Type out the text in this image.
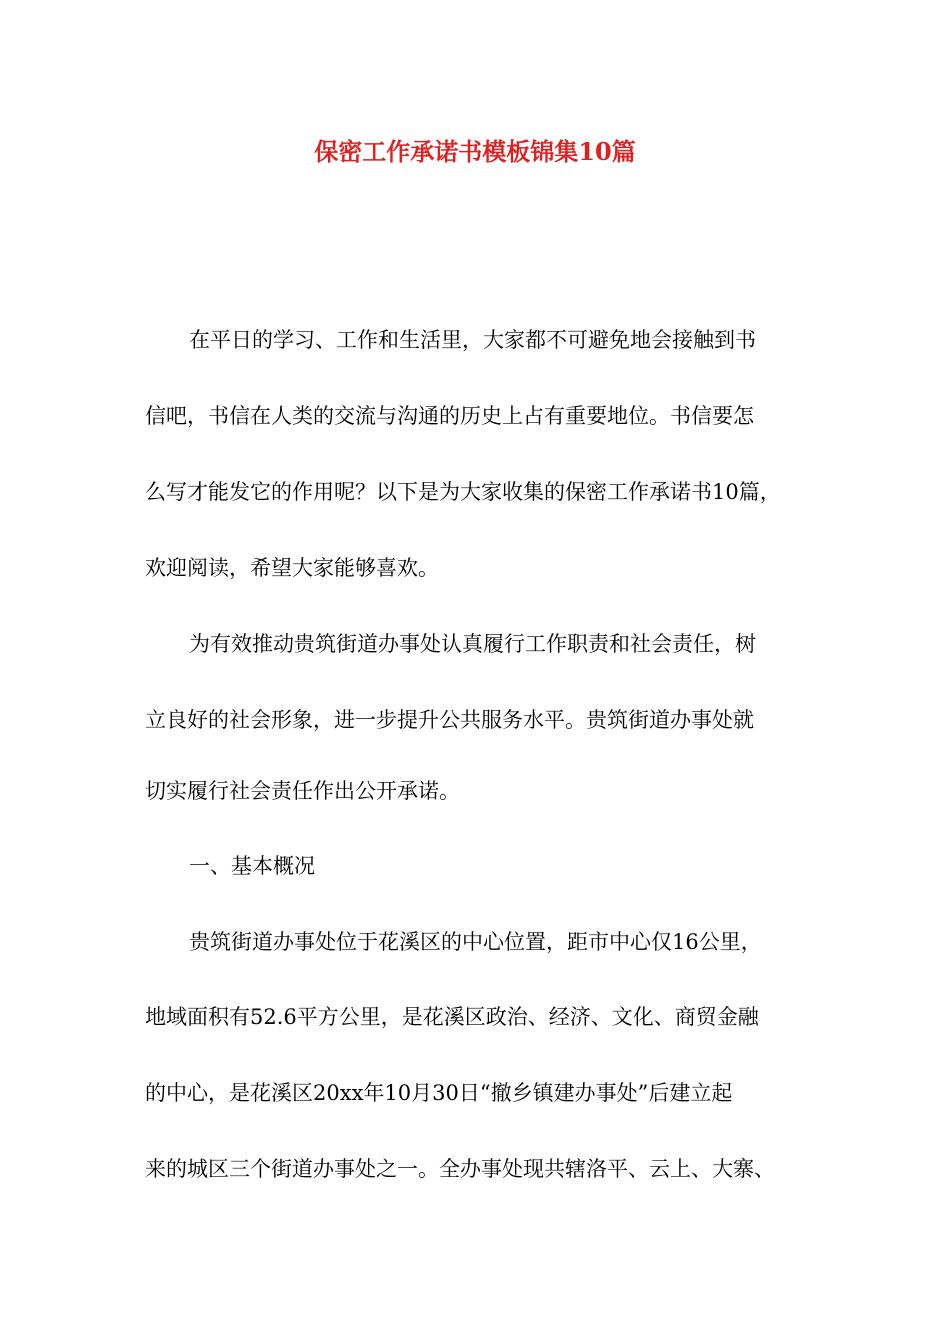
保密工作承诺书模板锦集10篇

在平日的学习、工作和生活里，大家都不可避免地会接触到书

信吧，书信在人类的交流与沟通的历史上占有重要地位。书信要怎

么写才能发它的作用呢？以下是为大家收集的保密工作承诺书10篇，

欢迎阅读，希望大家能够喜欢。

为有效推动贵筑街道办事处认真履行工作职责和社会责任，树

立良好的社会形象，进一步提升公共服务水平。贵筑街道办事处就

切实履行社会责任作出公开承诺。

一、基本概况

贵筑街道办事处位于花溪区的中心位置，距市中心仅16公里，

地域面积有52.6平方公里，是花溪区政治、经济、文化、商贸金融

的中心，是花溪区20xx年10月30日“撤乡镇建办事处”后建立起

来的城区三个街道办事处之一。全办事处现共辖洛平、云上、大寨、
